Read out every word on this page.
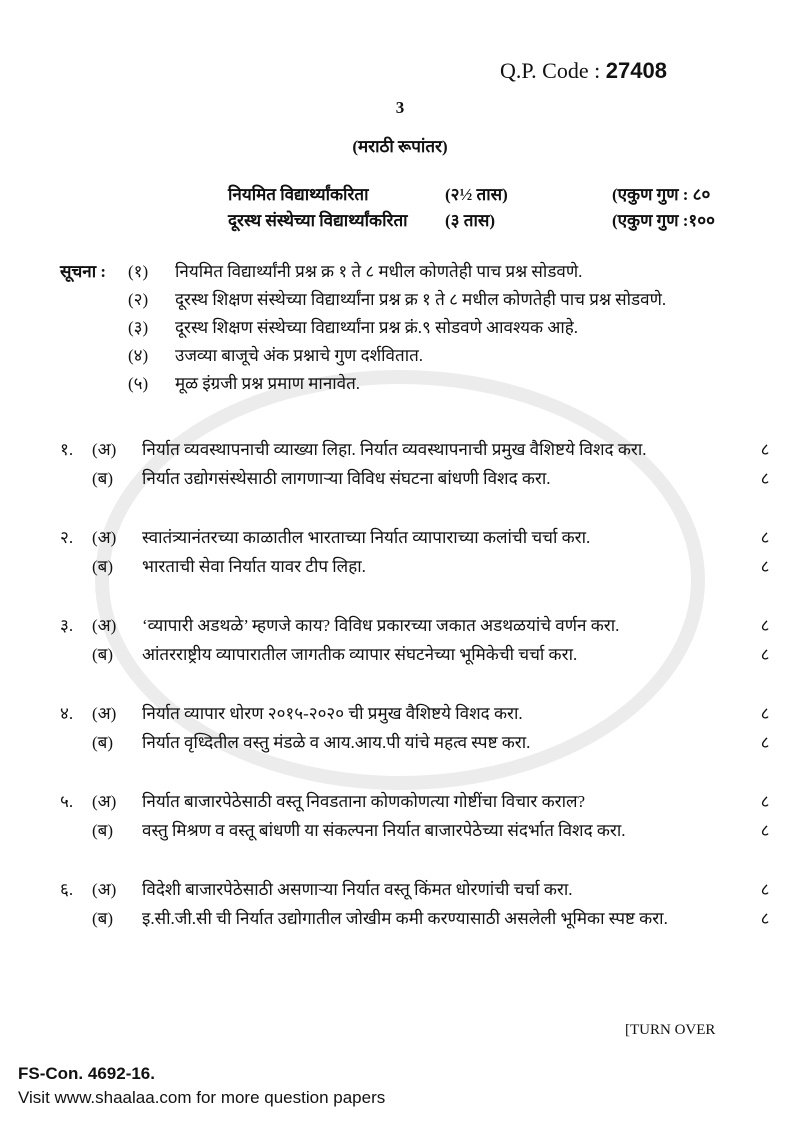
Q.P. Code : 27408
3
(मराठी रूपांतर)
नियमित विद्यार्थ्यांकरिता	(२½ तास)	(एकुण गुण : ८०
दूरस्थ संस्थेच्या विद्यार्थ्यांकरिता	(३ तास)	(एकुण गुण :१००
सूचना :	(१)	नियमित विद्यार्थ्यांनी प्रश्न क्र १ ते ८ मधील कोणतेही पाच प्रश्न सोडवणे.
(२)	दूरस्थ शिक्षण संस्थेच्या विद्यार्थ्यांना प्रश्न क्र १ ते ८ मधील कोणतेही पाच प्रश्न सोडवणे.
(३)	दूरस्थ शिक्षण संस्थेच्या विद्यार्थ्यांना प्रश्न क्रं.९ सोडवणे आवश्यक आहे.
(४)	उजव्या बाजूचे अंक प्रश्नाचे गुण दर्शवितात.
(५)	मूळ इंग्रजी प्रश्न प्रमाण मानावेत.
१.	(अ)	निर्यात व्यवस्थापनाची व्याख्या लिहा. निर्यात व्यवस्थापनाची प्रमुख वैशिष्टये विशद करा.	८
(ब)	निर्यात उद्योगसंस्थेसाठी लागणाऱ्या विविध संघटना बांधणी विशद करा.	८
२.	(अ)	स्वातंत्र्यानंतरच्या काळातील भारताच्या निर्यात व्यापाराच्या कलांची चर्चा करा.	८
(ब)	भारताची सेवा निर्यात यावर टीप लिहा.	८
३.	(अ)	‘व्यापारी अडथळे’ म्हणजे काय? विविध प्रकारच्या जकात अडथळयांचे वर्णन करा.	८
(ब)	आंतरराष्ट्रीय व्यापारातील जागतीक व्यापार संघटनेच्या भूमिकेची चर्चा करा.	८
४.	(अ)	निर्यात व्यापार धोरण २०१५-२०२० ची प्रमुख वैशिष्टये विशद करा.	८
(ब)	निर्यात वृध्दितील वस्तु मंडळे व आय.आय.पी यांचे महत्व स्पष्ट करा.	८
५.	(अ)	निर्यात बाजारपेठेसाठी वस्तू निवडताना कोणकोणत्या गोष्टींचा विचार कराल?	८
(ब)	वस्तु मिश्रण व वस्तू बांधणी या संकल्पना निर्यात बाजारपेठेच्या संदर्भात विशद करा.	८
६.	(अ)	विदेशी बाजारपेठेसाठी असणाऱ्या निर्यात वस्तू किंमत धोरणांची चर्चा करा.	८
(ब)	इ.सी.जी.सी ची निर्यात उद्योगातील जोखीम कमी करण्यासाठी असलेली भूमिका स्पष्ट करा.	८
[TURN OVER
FS-Con. 4692-16.
Visit www.shaalaa.com for more question papers
